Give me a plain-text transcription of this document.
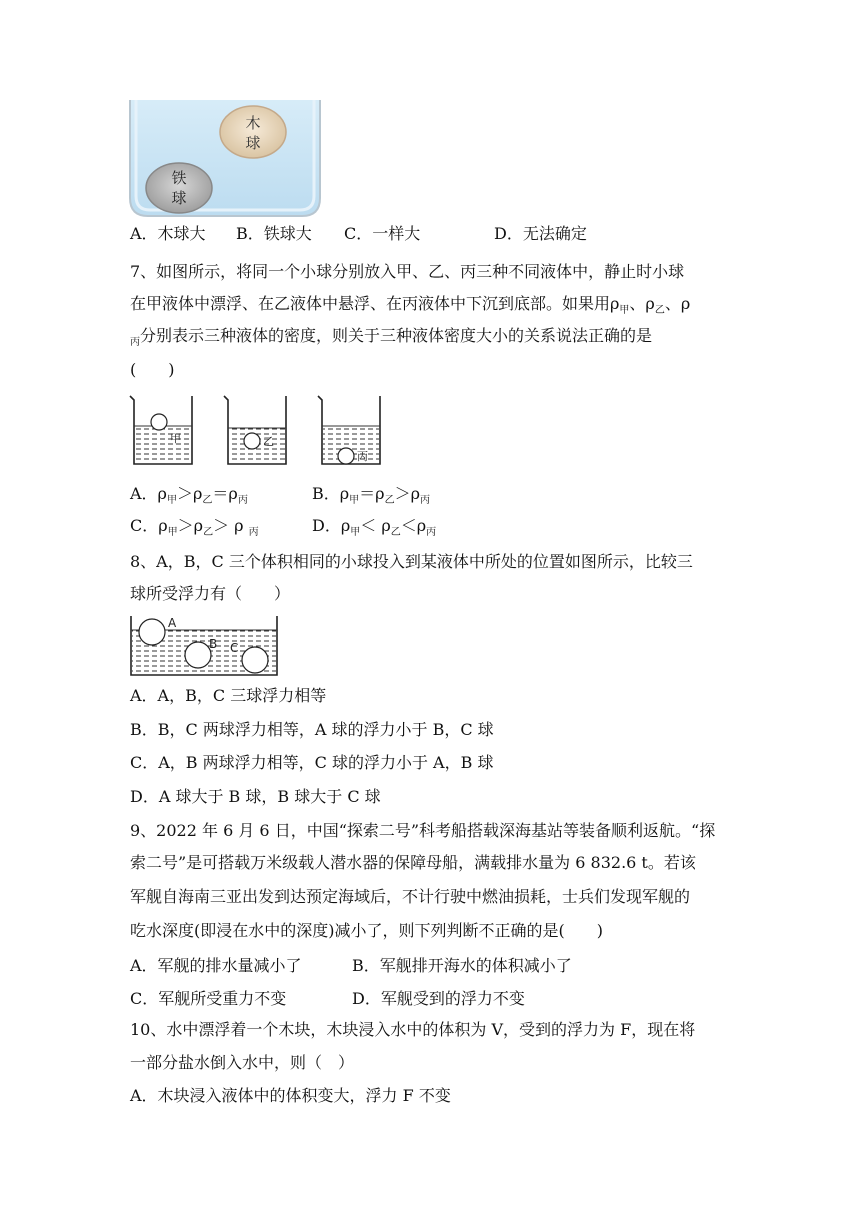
木
球
铁
球
A．木球大 B．铁球大 C．一样大	D．无法确定
7、如图所示，将同一个小球分别放入甲、乙、丙三种不同液体中，静止时小球
在甲液体中漂浮、在乙液体中悬浮、在丙液体中下沉到底部。如果用$\rho_甲$、$\rho_乙$、ρ
$_丙$分别表示三种液体的密度，则关于三种液体密度大小的关系说法正确的是
(　　)
甲	乙
丙
A．$\rho_甲>\rho_乙=\rho_丙$	B．$\rho_甲=\rho_乙>\rho_丙$
C．$\rho_甲>\rho_乙> \rho$ $_丙$	D．$\rho_甲< \rho_乙<\rho_丙$
8、A，B，C 三个体积相同的小球投入到某液体中所处的位置如图所示，比较三
球所受浮力有（　　）
A
B C
A．A，B，C 三球浮力相等
B．B，C 两球浮力相等，A 球的浮力小于 B，C 球
C．A，B 两球浮力相等，C 球的浮力小于 A，B 球
D．A 球大于 B 球，B 球大于 C 球
9、2022 年 6 月 6 日，中国“探索二号”科考船搭载深海基站等装备顺利返航。“探
索二号”是可搭载万米级载人潜水器的保障母船，满载排水量为 6 832.6 t。若该
军舰自海南三亚出发到达预定海域后，不计行驶中燃油损耗，士兵们发现军舰的
吃水深度(即浸在水中的深度)减小了，则下列判断不正确的是(　　)
A．军舰的排水量减小了	B．军舰排开海水的体积减小了
C．军舰所受重力不变	D．军舰受到的浮力不变
10、水中漂浮着一个木块，木块浸入水中的体积为 V，受到的浮力为 F，现在将
一部分盐水倒入水中，则（　）
A．木块浸入液体中的体积变大，浮力 F 不变
